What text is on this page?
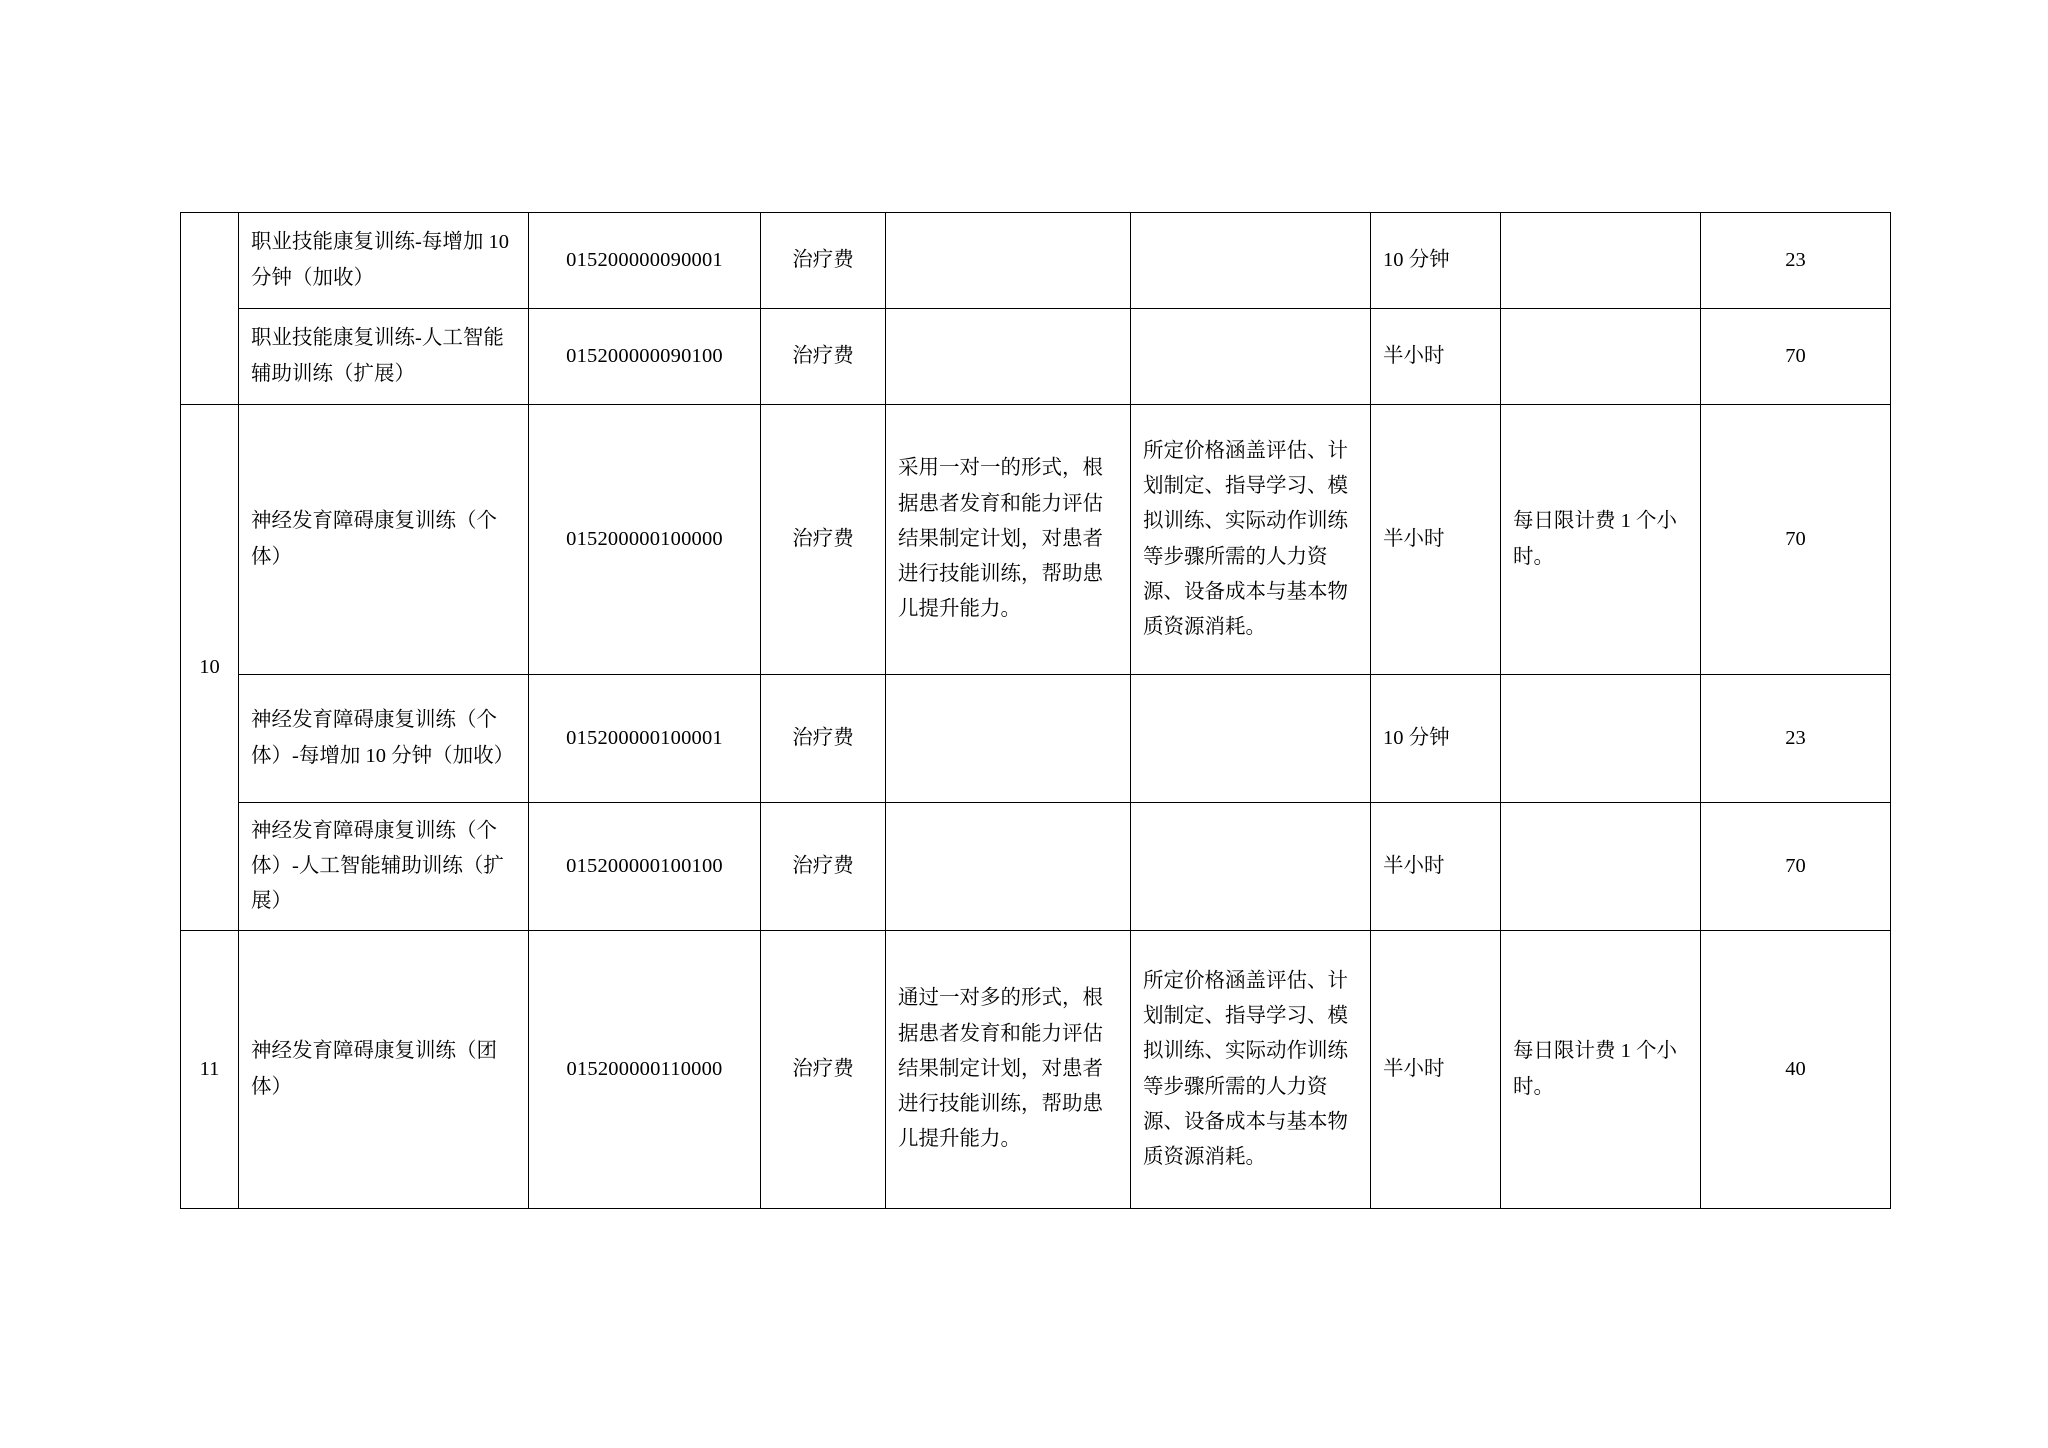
	职业技能康复训练-每增加 10 分钟（加收）	015200000090001	治疗费			10 分钟		23
	职业技能康复训练-人工智能辅助训练（扩展）	015200000090100	治疗费			半小时		70
10	神经发育障碍康复训练（个体）	015200000100000	治疗费	采用一对一的形式，根据患者发育和能力评估结果制定计划，对患者进行技能训练，帮助患儿提升能力。	所定价格涵盖评估、计划制定、指导学习、模拟训练、实际动作训练等步骤所需的人力资源、设备成本与基本物质资源消耗。	半小时	每日限计费 1 个小时。	70
	神经发育障碍康复训练（个体）-每增加 10 分钟（加收）	015200000100001	治疗费			10 分钟		23
	神经发育障碍康复训练（个体）-人工智能辅助训练（扩展）	015200000100100	治疗费			半小时		70
11	神经发育障碍康复训练（团体）	015200000110000	治疗费	通过一对多的形式，根据患者发育和能力评估结果制定计划，对患者进行技能训练，帮助患儿提升能力。	所定价格涵盖评估、计划制定、指导学习、模拟训练、实际动作训练等步骤所需的人力资源、设备成本与基本物质资源消耗。	半小时	每日限计费 1 个小时。	40
